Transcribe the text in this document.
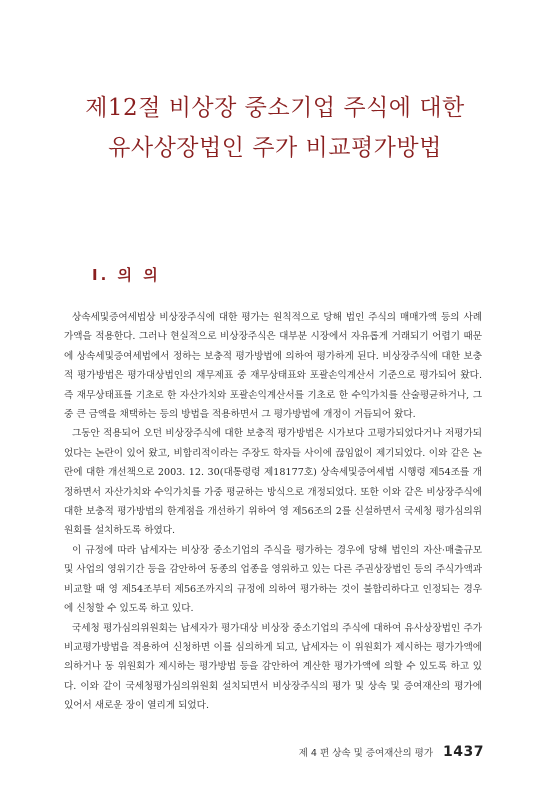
제12절 비상장 중소기업 주식에 대한
유사상장법인 주가 비교평가방법
Ⅰ. 의 의

상속세및증여세법상 비상장주식에 대한 평가는 원칙적으로 당해 법인 주식의 매매가액 등의 사례가액을 적용한다. 그러나 현실적으로 비상장주식은 대부분 시장에서 자유롭게 거래되기 어렵기 때문에 상속세및증여세법에서 정하는 보충적 평가방법에 의하여 평가하게 된다. 비상장주식에 대한 보충적 평가방법은 평가대상법인의 재무제표 중 재무상태표와 포괄손익계산서 기준으로 평가되어 왔다. 즉 재무상태표를 기초로 한 자산가치와 포괄손익계산서를 기초로 한 수익가치를 산술평균하거나, 그 중 큰 금액을 채택하는 등의 방법을 적용하면서 그 평가방법에 개정이 거듭되어 왔다.

그동안 적용되어 오던 비상장주식에 대한 보충적 평가방법은 시가보다 고평가되었다거나 저평가되었다는 논란이 있어 왔고, 비합리적이라는 주장도 학자들 사이에 끊임없이 제기되었다. 이와 같은 논란에 대한 개선책으로 2003. 12. 30(대통령령 제18177호) 상속세및증여세법 시행령 제54조를 개정하면서 자산가치와 수익가치를 가중 평균하는 방식으로 개정되었다. 또한 이와 같은 비상장주식에 대한 보충적 평가방법의 한계점을 개선하기 위하여 영 제56조의 2를 신설하면서 국세청 평가심의위원회를 설치하도록 하였다.

이 규정에 따라 납세자는 비상장 중소기업의 주식을 평가하는 경우에 당해 법인의 자산·매출규모 및 사업의 영위기간 등을 감안하여 동종의 업종을 영위하고 있는 다른 주권상장법인 등의 주식가액과 비교할 때 영 제54조부터 제56조까지의 규정에 의하여 평가하는 것이 불합리하다고 인정되는 경우에 신청할 수 있도록 하고 있다.

국세청 평가심의위원회는 납세자가 평가대상 비상장 중소기업의 주식에 대하여 유사상장법인 주가 비교평가방법을 적용하여 신청하면 이를 심의하게 되고, 납세자는 이 위원회가 제시하는 평가가액에 의하거나 동 위원회가 제시하는 평가방법 등을 감안하여 계산한 평가가액에 의할 수 있도록 하고 있다. 이와 같이 국세청평가심의위원회 설치되면서 비상장주식의 평가 및 상속 및 증여재산의 평가에 있어서 새로운 장이 열리게 되었다.

제 4 편 상속 및 증여재산의 평가 1437
